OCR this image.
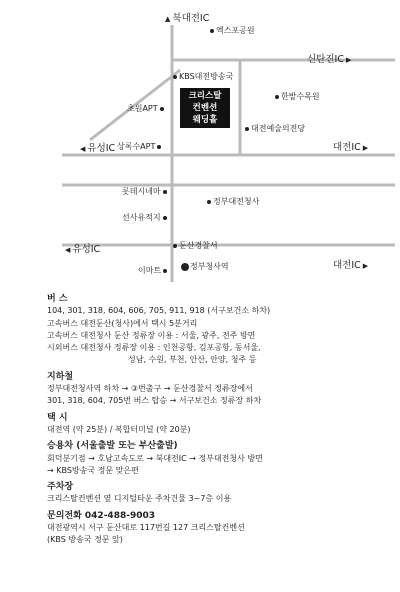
▲ 북대전IC
엑스포공원
신탄진IC ▶
KBS대전방송국
크리스탈
컨벤션
웨딩홀
초원APT
한밭수목원
대전예술의전당
◀ 유성IC 상록수APT	대전IC ▶
롯데시네마
정부대전청사
선사유적지
◀ 유성IC	둔산경찰서
대전IC ▶
이마트	정부청사역
버 스
104, 301, 318, 604, 606, 705, 911, 918 (서구보건소 하차)
고속버스 대전둔산(청사)에서 택시 5분거리
고속버스 대전청사 둔산 정류장 이용 : 서울, 광주, 전주 방면
시외버스 대전청사 정류장 이용 : 인천공항, 김포공항, 동서울,
성남, 수원, 부천, 안산, 안양, 청주 등
지하철
정부대전청사역 하차 → ③번출구 → 둔산경찰서 정류장에서
301, 318, 604, 705번 버스 탑승 → 서구보건소 정류장 하차
택 시
대전역 (약 25분) / 복합터미널 (약 20분)
승용차 (서울출발 또는 부산출발)
회덕분기점 → 호남고속도로 → 북대전IC → 정부대전청사 방면
→ KBS방송국 정문 맞은편
주차장
크리스탈컨벤션 옆 디지털타운 주차건물 3~7층 이용
문의전화 042-488-9003
대전광역시 서구 둔산대로 117번길 127 크리스탈컨벤션
(KBS 방송국 정문 앞)
